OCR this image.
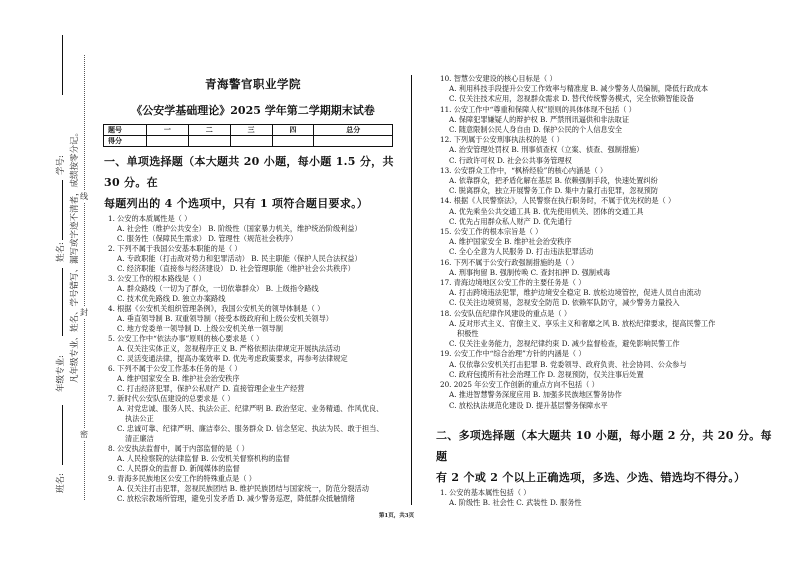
学号:
姓名:
年级专业:
班名:
凡年级专业、姓名、学号错写、漏写或字迹不清者，成绩按零分记。
密
封
线
青海警官职业学院
《公安学基础理论》2025 学年第二学期期末试卷
题号	一	二	三	四	总分
得分					
一、单项选择题（本大题共 20 小题，每小题 1.5 分，共 30 分。在
每题列出的 4 个选项中，只有 1 项符合题目要求。）
1. 公安的本质属性是（ ）
A. 社会性（维护公共安全） B. 阶级性（国家暴力机关，维护统治阶级利益）
C. 服务性（保障民生需求） D. 管理性（规范社会秩序）
2. 下列不属于我国公安基本职能的是（ ）
A. 专政职能（打击敌对势力和犯罪活动） B. 民主职能（保护人民合法权益）
C. 经济职能（直接参与经济建设） D. 社会管理职能（维护社会公共秩序）
3. 公安工作的根本路线是（ ）
A. 群众路线（一切为了群众，一切依靠群众） B. 上级指令路线
C. 技术优先路线 D. 独立办案路线
4. 根据《公安机关组织管理条例》，我国公安机关的领导体制是（ ）
A. 垂直领导制 B. 双重领导制（接受本级政府和上级公安机关领导）
C. 地方党委单一领导制 D. 上级公安机关单一领导制
5. 公安工作中“依法办事”原则的核心要求是（ ）
A. 仅关注实体正义，忽视程序正义 B. 严格依照法律规定开展执法活动
C. 灵活变通法律，提高办案效率 D. 优先考虑政策要求，再参考法律规定
6. 下列不属于公安工作基本任务的是（ ）
A. 维护国家安全 B. 维护社会治安秩序
C. 打击经济犯罪，保护公私财产 D. 直接管理企业生产经营
7. 新时代公安队伍建设的总要求是（ ）
A. 对党忠诚、服务人民、执法公正、纪律严明 B. 政治坚定、业务精通、作风优良、
执法公正
C. 忠诚可靠、纪律严明、廉洁奉公、服务群众 D. 信念坚定、执法为民、敢于担当、
清正廉洁
8. 公安执法监督中，属于内部监督的是（ ）
A. 人民检察院的法律监督 B. 公安机关督察机构的监督
C. 人民群众的监督 D. 新闻媒体的监督
9. 青海多民族地区公安工作的特殊重点是（ ）
A. 仅关注打击犯罪，忽视民族团结 B. 维护民族团结与国家统一，防范分裂活动
C. 放松宗教场所管理，避免引发矛盾 D. 减少警务巡逻，降低群众抵触情绪
10. 智慧公安建设的核心目标是（ ）
A. 利用科技手段提升公安工作效率与精准度 B. 减少警务人员编制，降低行政成本
C. 仅关注技术应用，忽视群众需求 D. 替代传统警务模式，完全依赖智能设备
11. 公安工作中“尊重和保障人权”原则的具体体现不包括（ ）
A. 保障犯罪嫌疑人的辩护权 B. 严禁刑讯逼供和非法取证
C. 随意限制公民人身自由 D. 保护公民的个人信息安全
12. 下列属于公安刑事执法权的是（ ）
A. 治安管理处罚权 B. 刑事侦查权（立案、侦查、强制措施）
C. 行政许可权 D. 社会公共事务管理权
13. 公安群众工作中，“枫桥经验”的核心内涵是（ ）
A. 依靠群众，把矛盾化解在基层 B. 依赖强制手段，快速处置纠纷
C. 脱离群众，独立开展警务工作 D. 集中力量打击犯罪，忽视预防
14. 根据《人民警察法》，人民警察在执行职务时，不属于优先权的是（ ）
A. 优先乘坐公共交通工具 B. 优先使用机关、团体的交通工具
C. 优先占用群众私人财产 D. 优先通行
15. 公安工作的根本宗旨是（ ）
A. 维护国家安全 B. 维护社会治安秩序
C. 全心全意为人民服务 D. 打击违法犯罪活动
16. 下列不属于公安行政强制措施的是（ ）
A. 刑事拘留 B. 强制传唤 C. 查封扣押 D. 强制戒毒
17. 青海边境地区公安工作的主要任务是（ ）
A. 打击跨境违法犯罪，维护边境安全稳定 B. 放松边境管控，促进人员自由流动
C. 仅关注边境贸易，忽视安全防范 D. 依赖军队防守，减少警务力量投入
18. 公安队伍纪律作风建设的重点是（ ）
A. 反对形式主义、官僚主义、享乐主义和奢靡之风 B. 放松纪律要求，提高民警工作
积极性
C. 仅关注业务能力，忽视纪律约束 D. 减少监督检查，避免影响民警工作
19. 公安工作中“综合治理”方针的内涵是（ ）
A. 仅依靠公安机关打击犯罪 B. 党委领导、政府负责、社会协同、公众参与
C. 政府包揽所有社会治理工作 D. 忽视预防，仅关注事后处置
20. 2025 年公安工作创新的重点方向不包括（ ）
A. 推进智慧警务深度应用 B. 加强多民族地区警务协作
C. 放松执法规范化建设 D. 提升基层警务保障水平
二、多项选择题（本大题共 10 小题，每小题 2 分，共 20 分。每题
有 2 个或 2 个以上正确选项，多选、少选、错选均不得分。）
1. 公安的基本属性包括（ ）
A. 阶级性 B. 社会性 C. 武装性 D. 服务性
第1页，共3页
